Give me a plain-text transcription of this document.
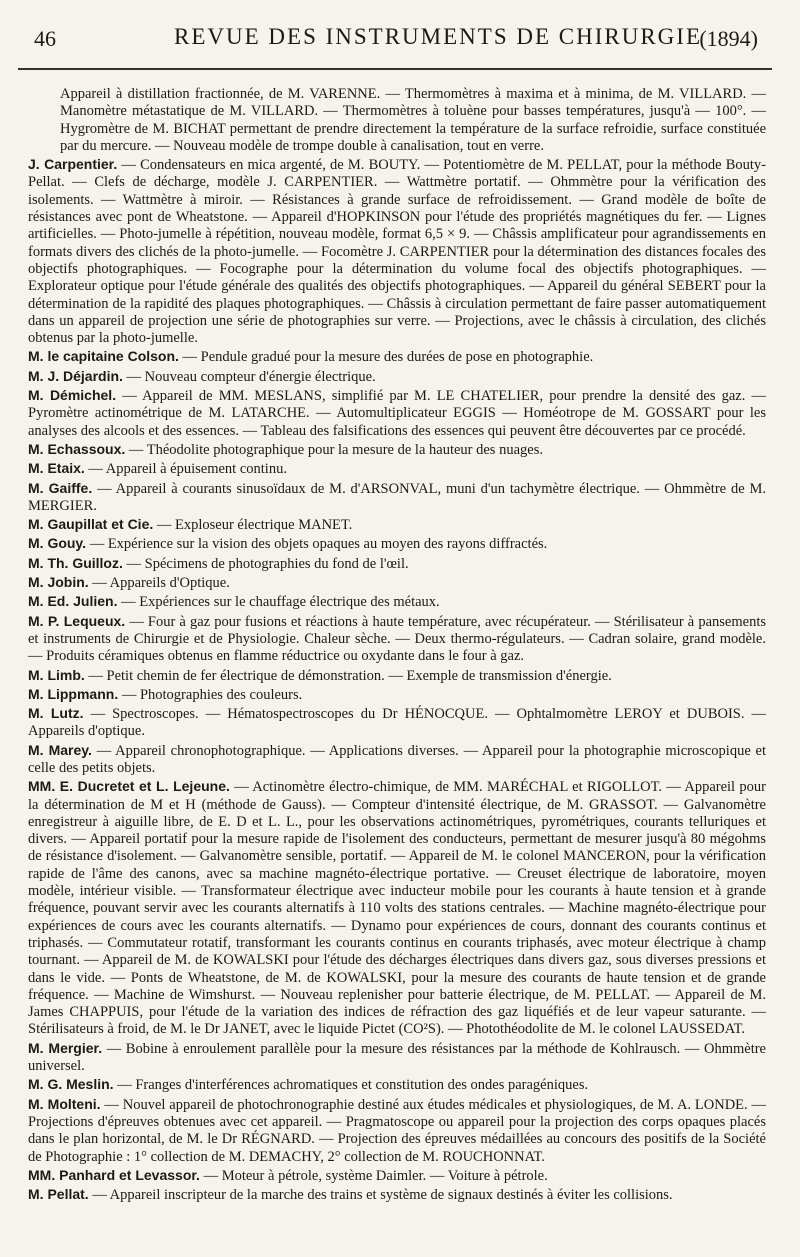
46	REVUE DES INSTRUMENTS DE CHIRURGIE
(1894)

Appareil à distillation fractionnée, de M. VARENNE. — Thermomètres à maxima et à minima, de M. VILLARD. — Manomètre métastatique de M. VILLARD. — Thermomètres à toluène pour basses températures, jusqu'à — 100°. — Hygromètre de M. BICHAT permettant de prendre directement la température de la surface refroidie, surface constituée par du mercure. — Nouveau modèle de trompe double à canalisation, tout en verre.

J. Carpentier. — Condensateurs en mica argenté, de M. BOUTY. — Potentiomètre de M. PELLAT, pour la méthode Bouty-Pellat. — Clefs de décharge, modèle J. CARPENTIER. — Wattmètre portatif. — Ohmmètre pour la vérification des isolements. — Wattmètre à miroir. — Résistances à grande surface de refroidissement. — Grand modèle de boîte de résistances avec pont de Wheatstone. — Appareil d'HOPKINSON pour l'étude des propriétés magnétiques du fer. — Lignes artificielles. — Photo-jumelle à répétition, nouveau modèle, format 6,5 × 9. — Châssis amplificateur pour agrandissements en formats divers des clichés de la photo-jumelle. — Focomètre J. CARPENTIER pour la détermination des distances focales des objectifs photographiques. — Focographe pour la détermination du volume focal des objectifs photographiques. — Explorateur optique pour l'étude générale des qualités des objectifs photographiques. — Appareil du général SEBERT pour la détermination de la rapidité des plaques photographiques. — Châssis à circulation permettant de faire passer automatiquement dans un appareil de projection une série de photographies sur verre. — Projections, avec le châssis à circulation, des clichés obtenus par la photo-jumelle.

M. le capitaine Colson. — Pendule gradué pour la mesure des durées de pose en photographie.

M. J. Déjardin. — Nouveau compteur d'énergie électrique.

M. Démichel. — Appareil de MM. MESLANS, simplifié par M. LE CHATELIER, pour prendre la densité des gaz. — Pyromètre actinométrique de M. LATARCHE. — Automultiplicateur EGGIS — Homéotrope de M. GOSSART pour les analyses des alcools et des essences. — Tableau des falsifications des essences qui peuvent être découvertes par ce procédé.

M. Echassoux. — Théodolite photographique pour la mesure de la hauteur des nuages.

M. Etaix. — Appareil à épuisement continu.

M. Gaiffe. — Appareil à courants sinusoïdaux de M. d'ARSONVAL, muni d'un tachymètre électrique. — Ohmmètre de M. MERGIER.

M. Gaupillat et Cie. — Exploseur électrique MANET.

M. Gouy. — Expérience sur la vision des objets opaques au moyen des rayons diffractés.

M. Th. Guilloz. — Spécimens de photographies du fond de l'œil.

M. Jobin. — Appareils d'Optique.

M. Ed. Julien. — Expériences sur le chauffage électrique des métaux.

M. P. Lequeux. — Four à gaz pour fusions et réactions à haute température, avec récupérateur. — Stérilisateur à pansements et instruments de Chirurgie et de Physiologie. Chaleur sèche. — Deux thermo-régulateurs. — Cadran solaire, grand modèle. — Produits céramiques obtenus en flamme réductrice ou oxydante dans le four à gaz.

M. Limb. — Petit chemin de fer électrique de démonstration. — Exemple de transmission d'énergie.

M. Lippmann. — Photographies des couleurs.

M. Lutz. — Spectroscopes. — Hématospectroscopes du Dr HÉNOCQUE. — Ophtalmomètre LEROY et DUBOIS. — Appareils d'optique.

M. Marey. — Appareil chronophotographique. — Applications diverses. — Appareil pour la photographie microscopique et celle des petits objets.

MM. E. Ducretet et L. Lejeune. — Actinomètre électro-chimique, de MM. MARÉCHAL et RIGOLLOT. — Appareil pour la détermination de M et H (méthode de Gauss). — Compteur d'intensité électrique, de M. GRASSOT. — Galvanomètre enregistreur à aiguille libre, de E. D et L. L., pour les observations actinométriques, pyrométriques, courants telluriques et divers. — Appareil portatif pour la mesure rapide de l'isolement des conducteurs, permettant de mesurer jusqu'à 80 mégohms de résistance d'isolement. — Galvanomètre sensible, portatif. — Appareil de M. le colonel MANCERON, pour la vérification rapide de l'âme des canons, avec sa machine magnéto-électrique portative. — Creuset électrique de laboratoire, moyen modèle, intérieur visible. — Transformateur électrique avec inducteur mobile pour les courants à haute tension et à grande fréquence, pouvant servir avec les courants alternatifs à 110 volts des stations centrales. — Machine magnéto-électrique pour expériences de cours avec les courants alternatifs. — Dynamo pour expériences de cours, donnant des courants continus et triphasés. — Commutateur rotatif, transformant les courants continus en courants triphasés, avec moteur électrique à champ tournant. — Appareil de M. de KOWALSKI pour l'étude des décharges électriques dans divers gaz, sous diverses pressions et dans le vide. — Ponts de Wheatstone, de M. de KOWALSKI, pour la mesure des courants de haute tension et de grande fréquence. — Machine de Wimshurst. — Nouveau replenisher pour batterie électrique, de M. PELLAT. — Appareil de M. James CHAPPUIS, pour l'étude de la variation des indices de réfraction des gaz liquéfiés et de leur vapeur saturante. — Stérilisateurs à froid, de M. le Dr JANET, avec le liquide Pictet (CO²S). — Photothéodolite de M. le colonel LAUSSEDAT.

M. Mergier. — Bobine à enroulement parallèle pour la mesure des résistances par la méthode de Kohlrausch. — Ohmmètre universel.

M. G. Meslin. — Franges d'interférences achromatiques et constitution des ondes paragéniques.

M. Molteni. — Nouvel appareil de photochronographie destiné aux études médicales et physiologiques, de M. A. LONDE. — Projections d'épreuves obtenues avec cet appareil. — Pragmatoscope ou appareil pour la projection des corps opaques placés dans le plan horizontal, de M. le Dr RÉGNARD. — Projection des épreuves médaillées au concours des positifs de la Société de Photographie : 1° collection de M. DEMACHY, 2° collection de M. ROUCHONNAT.

MM. Panhard et Levassor. — Moteur à pétrole, système Daimler. — Voiture à pétrole.

M. Pellat. — Appareil inscripteur de la marche des trains et système de signaux destinés à éviter les collisions.
